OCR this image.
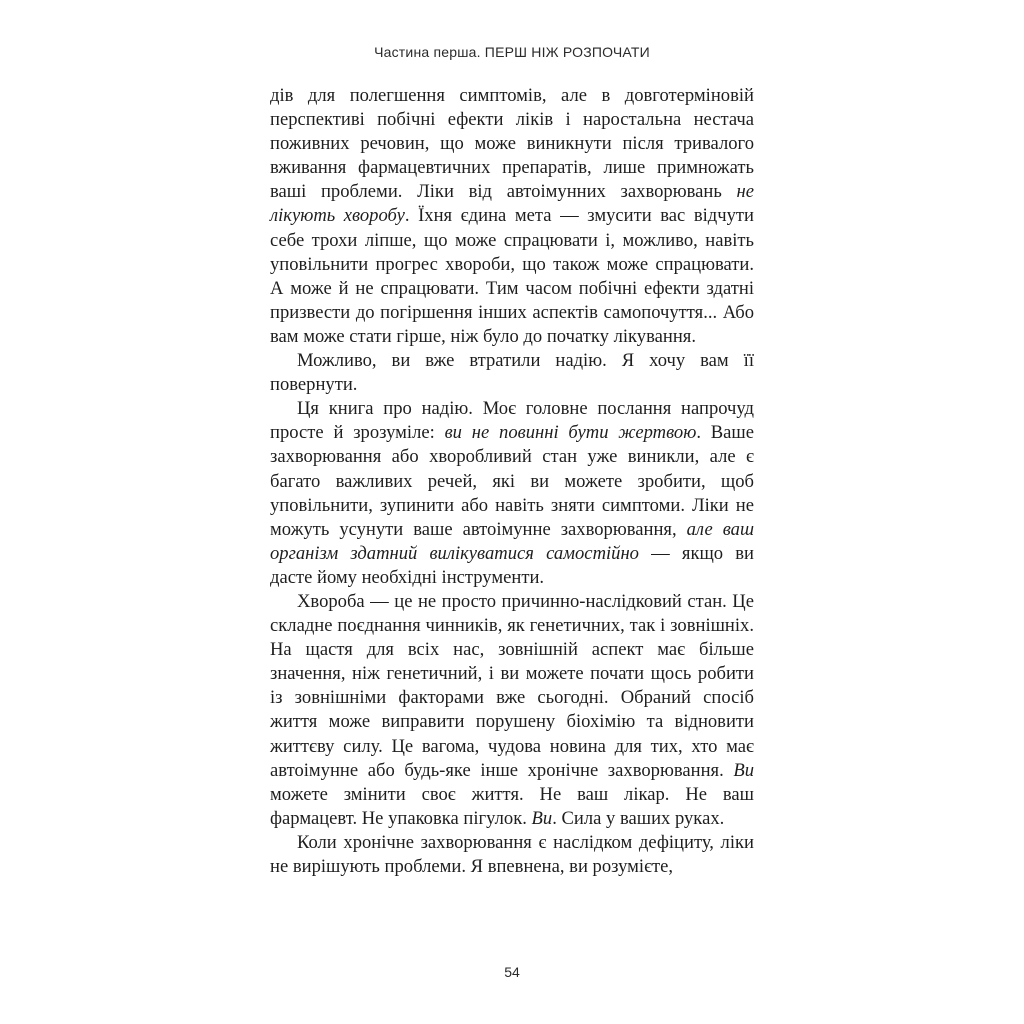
Частина перша. ПЕРШ НІЖ РОЗПОЧАТИ

дів для полегшення симптомів, але в довготерміновій перспективі побічні ефекти ліків і наростальна нестача поживних речовин, що може виникнути після тривалого вживання фармацевтичних препаратів, лише примножать ваші проблеми. Ліки від автоімунних захворювань не лікують хворобу. Їхня єдина мета — змусити вас відчути себе трохи ліпше, що може спрацювати і, можливо, навіть уповільнити прогрес хвороби, що також може спрацювати. А може й не спрацювати. Тим часом побічні ефекти здатні призвести до погіршення інших аспектів самопочуття... Або вам може стати гірше, ніж було до початку лікування.

Можливо, ви вже втратили надію. Я хочу вам її повернути.

Ця книга про надію. Моє головне послання напрочуд просте й зрозуміле: ви не повинні бути жертвою. Ваше захворювання або хворобливий стан уже виникли, але є багато важливих речей, які ви можете зробити, щоб уповільнити, зупинити або навіть зняти симптоми. Ліки не можуть усунути ваше автоімунне захворювання, але ваш організм здатний вилікуватися самостійно — якщо ви дасте йому необхідні інструменти.

Хвороба — це не просто причинно-наслідковий стан. Це складне поєднання чинників, як генетичних, так і зовнішніх. На щастя для всіх нас, зовнішній аспект має більше значення, ніж генетичний, і ви можете почати щось робити із зовнішніми факторами вже сьогодні. Обраний спосіб життя може виправити порушену біохімію та відновити життєву силу. Це вагома, чудова новина для тих, хто має автоімунне або будь-яке інше хронічне захворювання. Ви можете змінити своє життя. Не ваш лікар. Не ваш фармацевт. Не упаковка пігулок. Ви. Сила у ваших руках.

Коли хронічне захворювання є наслідком дефіциту, ліки не вирішують проблеми. Я впевнена, ви розумієте,

54
